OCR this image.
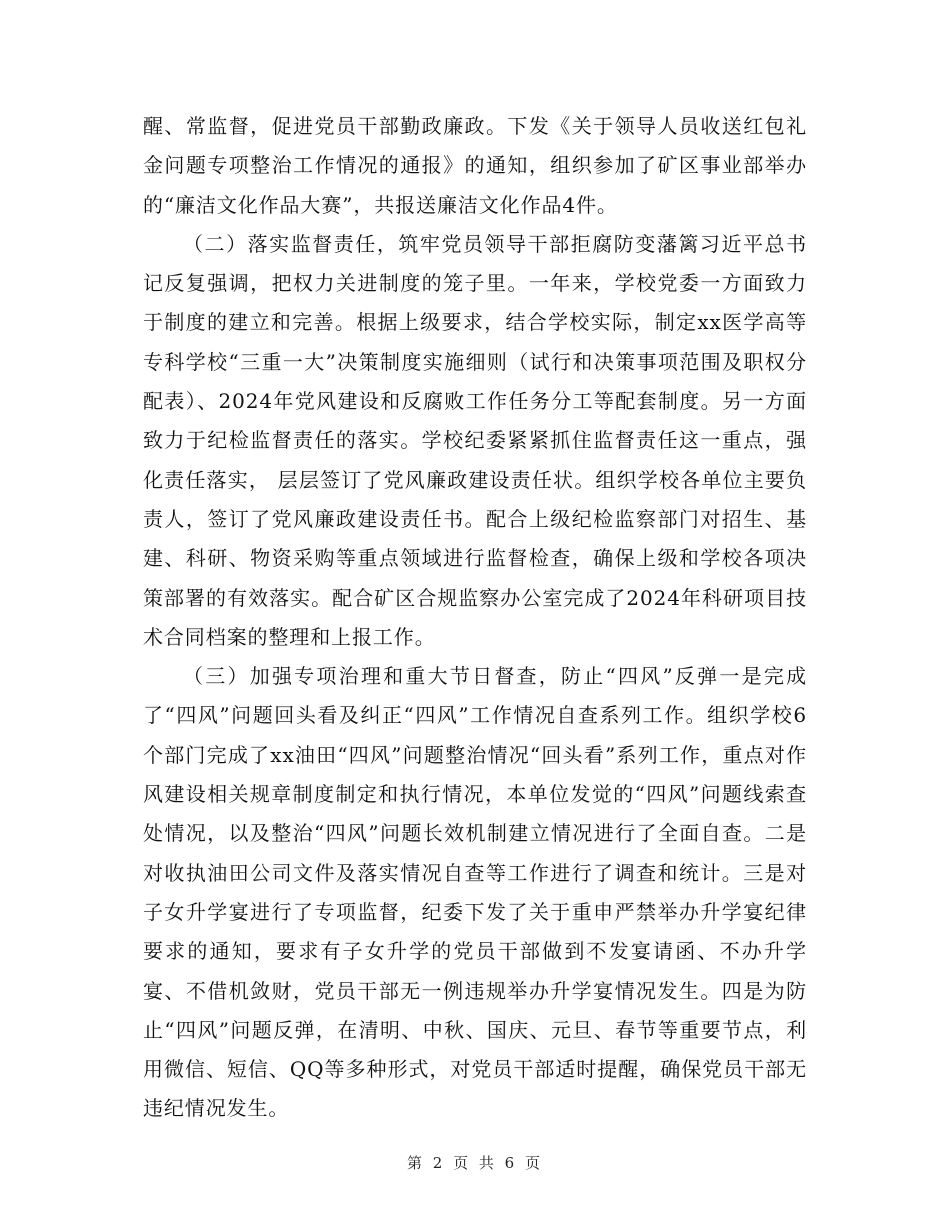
醒、常监督，促进党员干部勤政廉政。下发《关于领导人员收送红包礼金问题专项整治工作情况的通报》的通知，组织参加了矿区事业部举办的“廉洁文化作品大赛”，共报送廉洁文化作品4件。

（二）落实监督责任，筑牢党员领导干部拒腐防变藩篱习近平总书记反复强调，把权力关进制度的笼子里。一年来，学校党委一方面致力于制度的建立和完善。根据上级要求，结合学校实际，制定xx医学高等专科学校“三重一大”决策制度实施细则（试行和决策事项范围及职权分配表）、2024年党风建设和反腐败工作任务分工等配套制度。另一方面致力于纪检监督责任的落实。学校纪委紧紧抓住监督责任这一重点，强化责任落实， 层层签订了党风廉政建设责任状。组织学校各单位主要负责人，签订了党风廉政建设责任书。配合上级纪检监察部门对招生、基建、科研、物资采购等重点领域进行监督检查，确保上级和学校各项决策部署的有效落实。配合矿区合规监察办公室完成了2024年科研项目技术合同档案的整理和上报工作。

（三）加强专项治理和重大节日督查，防止“四风”反弹一是完成了“四风”问题回头看及纠正“四风”工作情况自查系列工作。组织学校6个部门完成了xx油田“四风”问题整治情况“回头看”系列工作，重点对作风建设相关规章制度制定和执行情况，本单位发觉的“四风”问题线索查处情况，以及整治“四风”问题长效机制建立情况进行了全面自查。二是对收执油田公司文件及落实情况自查等工作进行了调查和统计。三是对子女升学宴进行了专项监督，纪委下发了关于重申严禁举办升学宴纪律要求的通知，要求有子女升学的党员干部做到不发宴请函、不办升学宴、不借机敛财，党员干部无一例违规举办升学宴情况发生。四是为防止“四风”问题反弹，在清明、中秋、国庆、元旦、春节等重要节点，利用微信、短信、QQ等多种形式，对党员干部适时提醒，确保党员干部无违纪情况发生。

第 2 页 共 6 页
